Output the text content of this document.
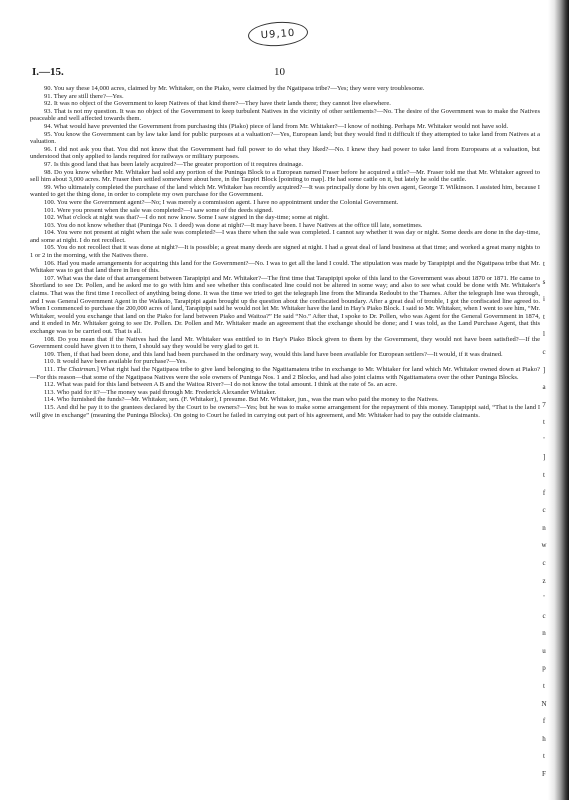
U9,10
I.—15.	10

90. You say these 14,000 acres, claimed by Mr. Whitaker, on the Piako, were claimed by the Ngatipaoa tribe?—Yes; they were very troublesome.

91. They are still there?—Yes.

92. It was no object of the Government to keep Natives of that kind there?—They have their lands there; they cannot live elsewhere.

93. That is not my question. It was no object of the Government to keep turbulent Natives in the vicinity of other settlements?—No. The desire of the Government was to make the Natives peaceable and well affected towards them.

94. What would have prevented the Government from purchasing this (Piako) piece of land from Mr. Whitaker?—I know of nothing. Perhaps Mr. Whitaker would not have sold.

95. You know the Government can by law take land for public purposes at a valuation?—Yes, European land; but they would find it difficult if they attempted to take land from Natives at a valuation.

96. I did not ask you that. You did not know that the Government had full power to do what they liked?—No. I knew they had power to take land from Europeans at a valuation, but understood that only applied to lands required for railways or military purposes.

97. Is this good land that has been lately acquired?—The greater proportion of it requires drainage.

98. Do you know whether Mr. Whitaker had sold any portion of the Puninga Block to a European named Fraser before he acquired a title?—Mr. Fraser told me that Mr. Whitaker agreed to sell him about 3,000 acres. Mr. Fraser then settled somewhere about here, in the Taupiri Block [pointing to map]. He had some cattle on it, but lately he sold the cattle.

99. Who ultimately completed the purchase of the land which Mr. Whitaker has recently acquired?—It was principally done by his own agent, George T. Wilkinson. I assisted him, because I wanted to get the thing done, in order to complete my own purchase for the Government.

100. You were the Government agent?—No; I was merely a commission agent. I have no appointment under the Colonial Government.

101. Were you present when the sale was completed?—I saw some of the deeds signed.

102. What o'clock at night was that?—I do not now know. Some I saw signed in the day-time; some at night.

103. You do not know whether that (Puninga No. 1 deed) was done at night?—It may have been. I have Natives at the office till late, sometimes.

104. You were not present at night when the sale was completed?—I was there when the sale was completed. I cannot say whether it was day or night. Some deeds are done in the day-time, and some at night. I do not recollect.

105. You do not recollect that it was done at night?—It is possible; a great many deeds are signed at night. I had a great deal of land business at that time; and worked a great many nights to 1 or 2 in the morning, with the Natives there.

106. Had you made arrangements for acquiring this land for the Government?—No. I was to get all the land I could. The stipulation was made by Tarapipipi and the Ngatipaoa tribe that Mr. Whitaker was to get that land there in lieu of this.

107. What was the date of that arrangement between Tarapipipi and Mr. Whitaker?—The first time that Tarapipipi spoke of this land to the Government was about 1870 or 1871. He came to Shortland to see Dr. Pollen, and he asked me to go with him and see whether this confiscated line could not be altered in some way; and also to see what could be done with Mr. Whitaker's claims. That was the first time I recollect of anything being done. It was the time we tried to get the telegraph line from the Miranda Redoubt to the Thames. After the telegraph line was through, and I was General Government Agent in the Waikato, Tarapipipi again brought up the question about the confiscated boundary. After a great deal of trouble, I got the confiscated line agreed to. When I commenced to purchase the 200,000 acres of land, Tarapipipi said he would not let Mr. Whitaker have the land in Hay's Piako Block. I said to Mr. Whitaker, when I went to see him, “Mr. Whitaker, would you exchange that land on the Piako for land between Piako and Waitoa?” He said “No.” After that, I spoke to Dr. Pollen, who was Agent for the General Government in 1874, and it ended in Mr. Whitaker going to see Dr. Pollen. Dr. Pollen and Mr. Whitaker made an agreement that the exchange should be done; and I was told, as the Land Purchase Agent, that this exchange was to be carried out. That is all.

108. Do you mean that if the Natives had the land Mr. Whitaker was entitled to in Hay's Piako Block given to them by the Government, they would not have been satisfied?—If the Government could have given it to them, I should say they would be very glad to get it.

109. Then, if that had been done, and this land had been purchased in the ordinary way, would this land have been available for European settlers?—It would, if it was drained.

110. It would have been available for purchase?—Yes.

111. The Chairman.] What right had the Ngatipaoa tribe to give land belonging to the Ngatitamatera tribe in exchange to Mr. Whitaker for land which Mr. Whitaker owned down at Piako?—For this reason—that some of the Ngatipaoa Natives were the sole owners of Puninga Nos. 1 and 2 Blocks, and had also joint claims with Ngatitamatera over the other Puninga Blocks.

112. What was paid for this land between A B and the Waitoa River?—I do not know the total amount. I think at the rate of 5s. an acre.

113. Who paid for it?—The money was paid through Mr. Frederick Alexander Whitaker.

114. Who furnished the funds?—Mr. Whitaker, sen. (F. Whitaker), I presume. But Mr. Whitaker, jun., was the man who paid the money to the Natives.

115. And did he pay it to the grantees declared by the Court to be owners?—Yes; but he was to make some arrangement for the repayment of this money. Tarapipipi said, “That is the land I will give in exchange” (meaning the Puninga Blocks). On going to Court he failed in carrying out part of his agreement, and Mr. Whitaker had to pay the outside claimants.

t
s
i
t
l
c
]
a
7
t
'
]
t
f
c
n
w
c
z
'
c
n
u
p
t
N
f
h
t
F
